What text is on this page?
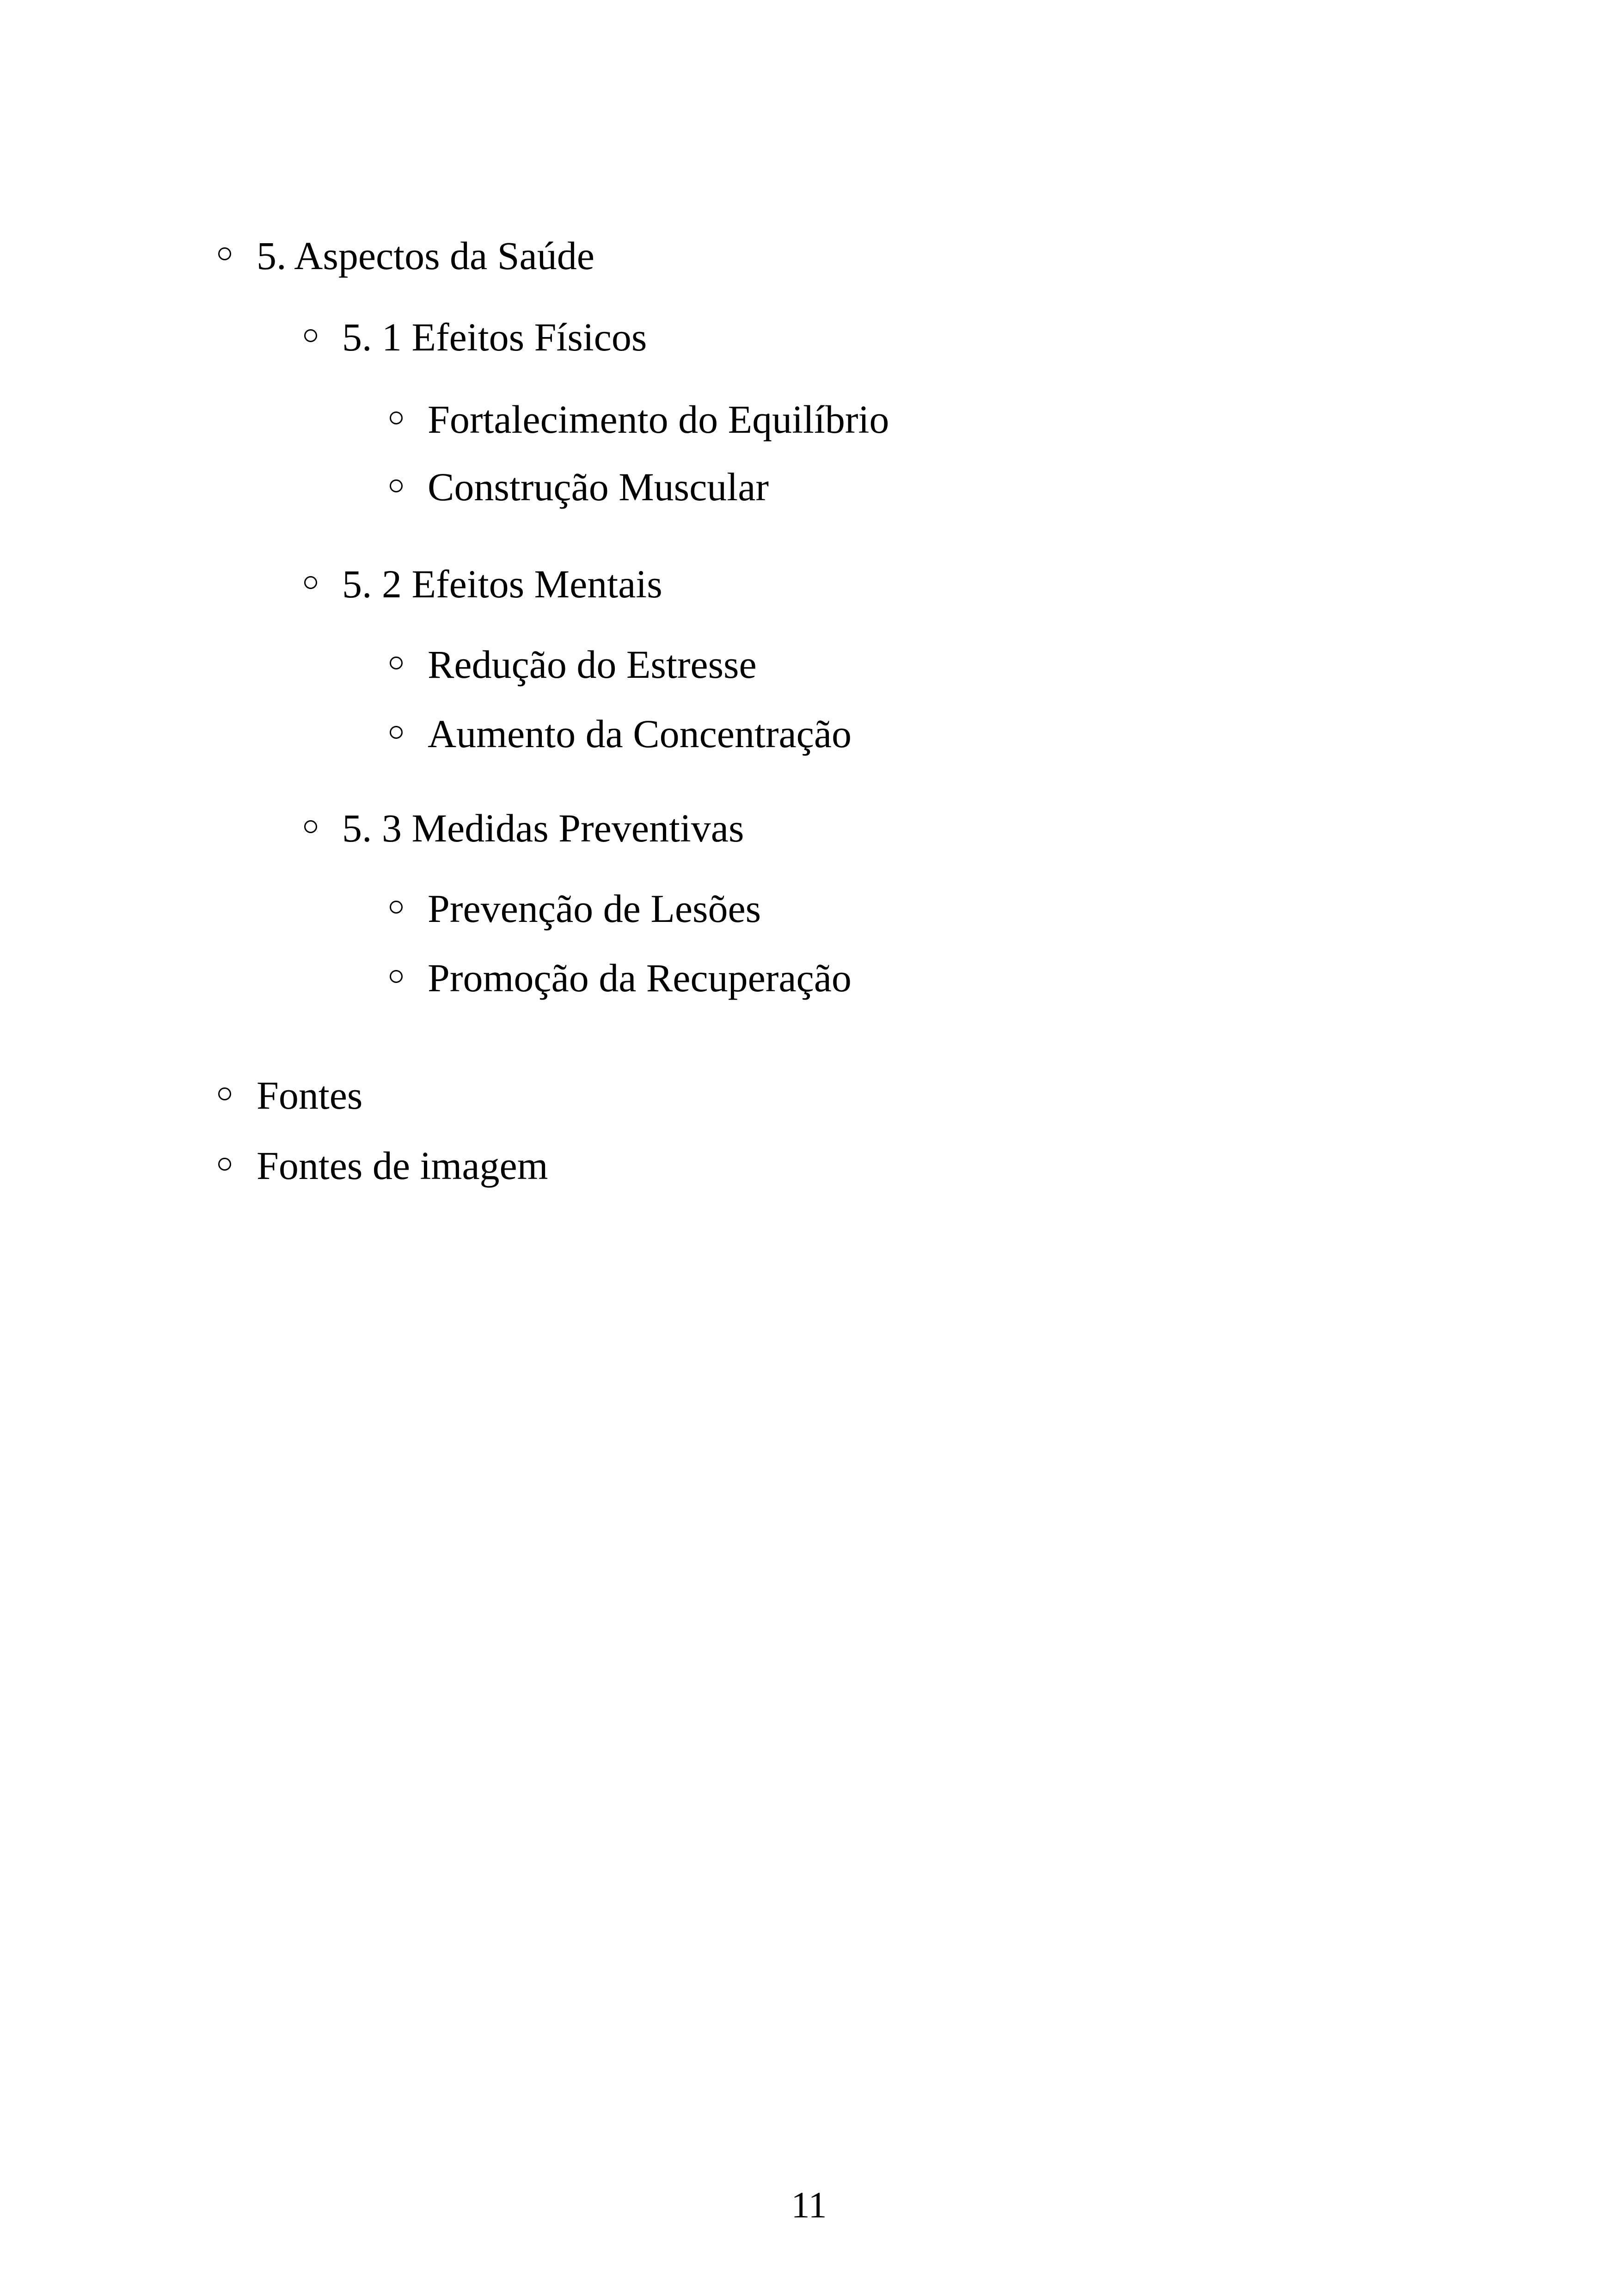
5. Aspectos da Saúde
5. 1 Efeitos Físicos
Fortalecimento do Equilíbrio
Construção Muscular
5. 2 Efeitos Mentais
Redução do Estresse
Aumento da Concentração
5. 3 Medidas Preventivas
Prevenção de Lesões
Promoção da Recuperação
Fontes
Fontes de imagem
11
